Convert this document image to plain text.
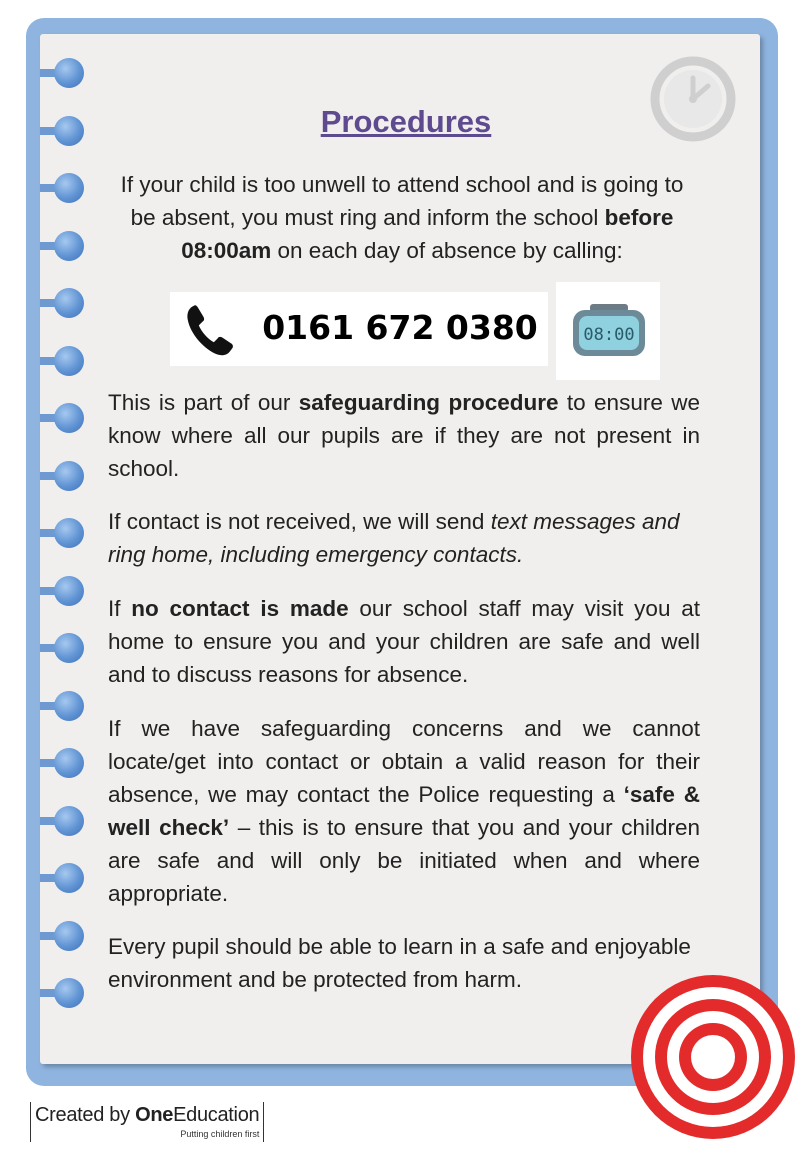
Procedures
If your child is too unwell to attend school and is going to be absent, you must ring and inform the school before 08:00am on each day of absence by calling:
0161 672 0380	08:00
This is part of our safeguarding procedure to ensure we know where all our pupils are if they are not present in school.
If contact is not received, we will send text messages and ring home, including emergency contacts.
If no contact is made our school staff may visit you at home to ensure you and your children are safe and well and to discuss reasons for absence.
If we have safeguarding concerns and we cannot locate/get into contact or obtain a valid reason for their absence, we may contact the Police requesting a ‘safe & well check’ – this is to ensure that you and your children are safe and will only be initiated when and where appropriate.
Every pupil should be able to learn in a safe and enjoyable environment and be protected from harm.
Created by OneEducation
Putting children first
